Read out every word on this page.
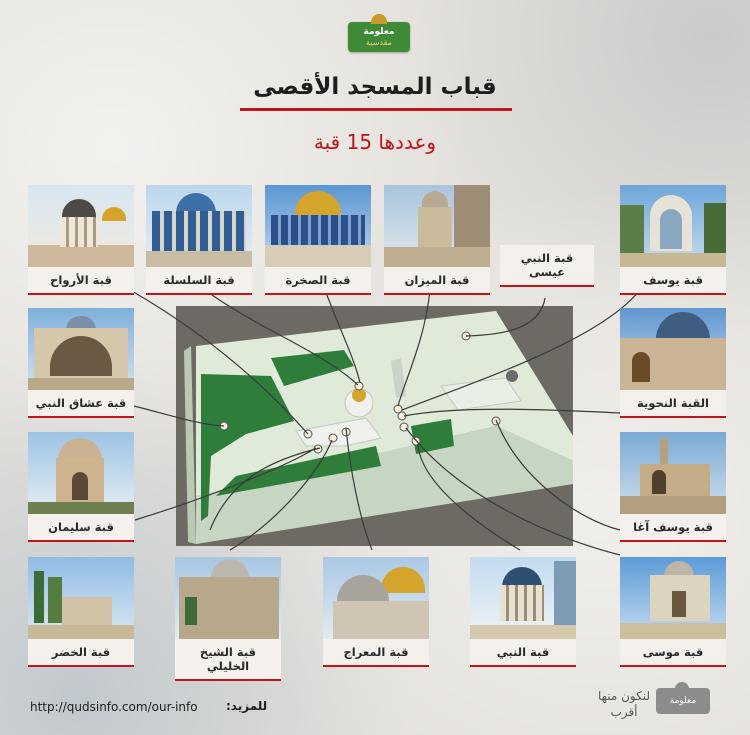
معلومة
مقدسية
قباب المسجد الأقصى
وعددها 15 قبة
قبة الأرواح	قبة السلسلة	قبة الصخرة	قبة الميزان
قبة النبي
عيسى
قبة يوسف
قبة عشاق النبي	القبة النحوية
قبة سليمان	قبة يوسف آغا
قبة الخضر	قبة الشيخ
الخليلي
قبة المعراج	قبة النبي	قبة موسى
للمزيد:
http://qudsinfo.com/our-info
لنكون منها أقرب
معلومة
